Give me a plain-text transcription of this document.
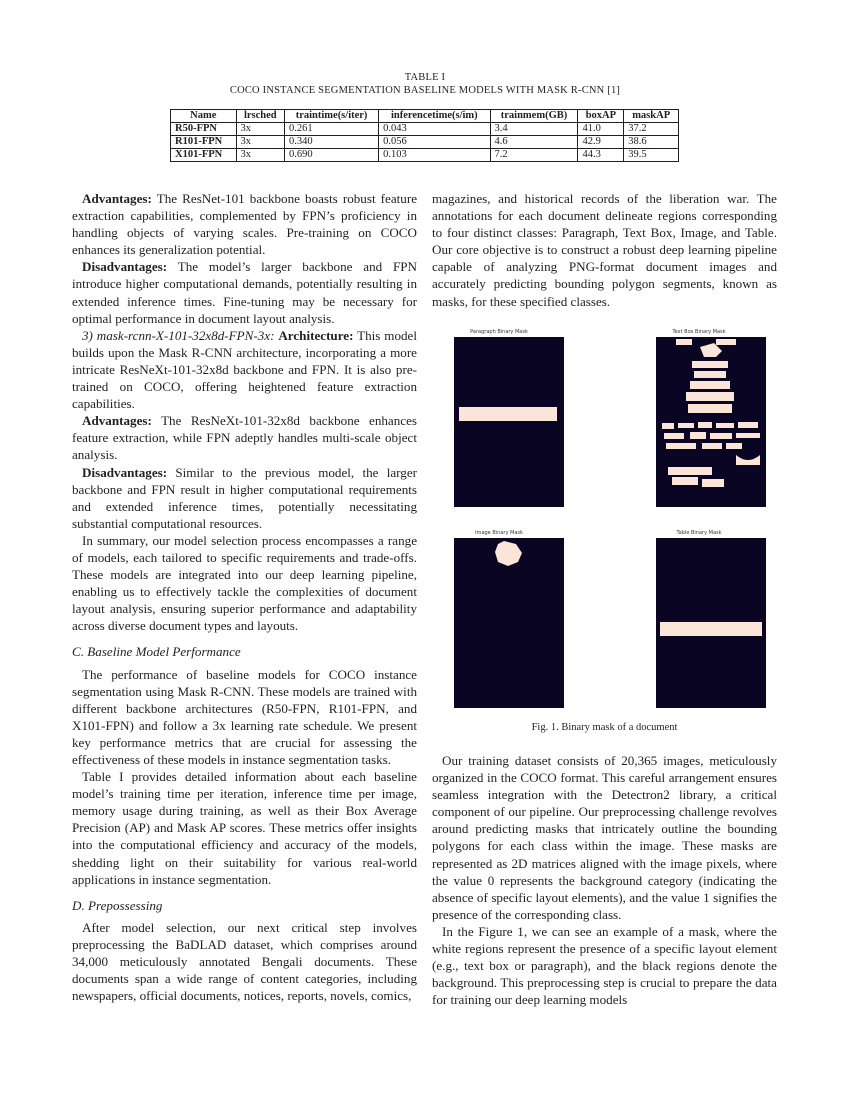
TABLE I
COCO INSTANCE SEGMENTATION BASELINE MODELS WITH MASK R-CNN [1]
Name	lrsched	traintime(s/iter)	inferencetime(s/im)	trainmem(GB)	boxAP	maskAP
R50-FPN	3x	0.261	0.043	3.4	41.0	37.2
R101-FPN	3x	0.340	0.056	4.6	42.9	38.6
X101-FPN	3x	0.690	0.103	7.2	44.3	39.5

Advantages: The ResNet-101 backbone boasts robust feature extraction capabilities, complemented by FPN’s proficiency in handling objects of varying scales. Pre-training on COCO enhances its generalization potential.

Disadvantages: The model’s larger backbone and FPN introduce higher computational demands, potentially resulting in extended inference times. Fine-tuning may be necessary for optimal performance in document layout analysis.

3) mask-rcnn-X-101-32x8d-FPN-3x: Architecture: This model builds upon the Mask R-CNN architecture, incorporating a more intricate ResNeXt-101-32x8d backbone and FPN. It is also pre-trained on COCO, offering heightened feature extraction capabilities.

Advantages: The ResNeXt-101-32x8d backbone enhances feature extraction, while FPN adeptly handles multi-scale object analysis.

Disadvantages: Similar to the previous model, the larger backbone and FPN result in higher computational requirements and extended inference times, potentially necessitating substantial computational resources.

In summary, our model selection process encompasses a range of models, each tailored to specific requirements and trade-offs. These models are integrated into our deep learning pipeline, enabling us to effectively tackle the complexities of document layout analysis, ensuring superior performance and adaptability across diverse document types and layouts.

C. Baseline Model Performance

The performance of baseline models for COCO instance segmentation using Mask R-CNN. These models are trained with different backbone architectures (R50-FPN, R101-FPN, and X101-FPN) and follow a 3x learning rate schedule. We present key performance metrics that are crucial for assessing the effectiveness of these models in instance segmentation tasks.

Table I provides detailed information about each baseline model’s training time per iteration, inference time per image, memory usage during training, as well as their Box Average Precision (AP) and Mask AP scores. These metrics offer insights into the computational efficiency and accuracy of the models, shedding light on their suitability for various real-world applications in instance segmentation.

D. Prepossessing

After model selection, our next critical step involves preprocessing the BaDLAD dataset, which comprises around 34,000 meticulously annotated Bengali documents. These documents span a wide range of content categories, including newspapers, official documents, notices, reports, novels, comics,

magazines, and historical records of the liberation war. The annotations for each document delineate regions corresponding to four distinct classes: Paragraph, Text Box, Image, and Table. Our core objective is to construct a robust deep learning pipeline capable of analyzing PNG-format document images and accurately predicting bounding polygon segments, known as masks, for these specified classes.

Paragraph Binary Mask	Text Box Binary Mask
Image Binary Mask	Table Binary Mask
Fig. 1. Binary mask of a document

Our training dataset consists of 20,365 images, meticulously organized in the COCO format. This careful arrangement ensures seamless integration with the Detectron2 library, a critical component of our pipeline. Our preprocessing challenge revolves around predicting masks that intricately outline the bounding polygons for each class within the image. These masks are represented as 2D matrices aligned with the image pixels, where the value 0 represents the background category (indicating the absence of specific layout elements), and the value 1 signifies the presence of the corresponding class.

In the Figure 1, we can see an example of a mask, where the white regions represent the presence of a specific layout element (e.g., text box or paragraph), and the black regions denote the background. This preprocessing step is crucial to prepare the data for training our deep learning models
